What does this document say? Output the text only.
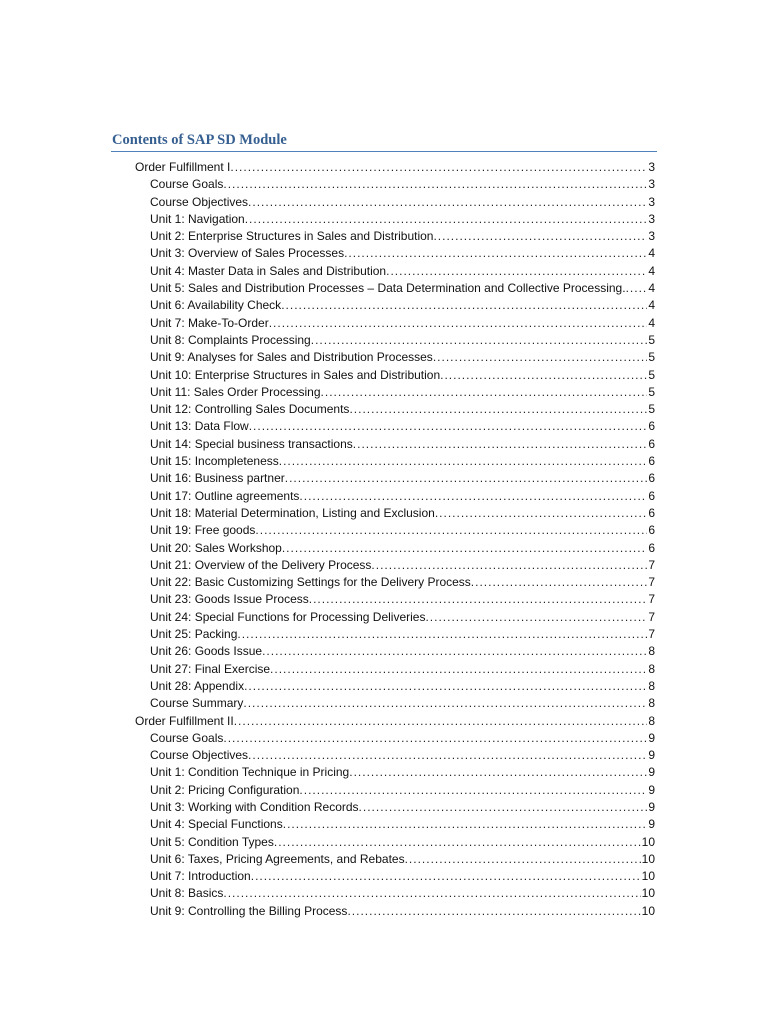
Contents of SAP SD Module
Order Fulfillment I .....	3
Course Goals .....	3
Course Objectives .....	3
Unit 1: Navigation .....	3
Unit 2: Enterprise Structures in Sales and Distribution .....	3
Unit 3: Overview of Sales Processes .....	4
Unit 4: Master Data in Sales and Distribution .....	4
Unit 5: Sales and Distribution Processes – Data Determination and Collective Processing. ..... 4
Unit 6: Availability Check .....	4
Unit 7: Make-To-Order .....	4
Unit 8: Complaints Processing .....	5
Unit 9: Analyses for Sales and Distribution Processes .....	5
Unit 10: Enterprise Structures in Sales and Distribution .....	5
Unit 11: Sales Order Processing .....	5
Unit 12: Controlling Sales Documents .....	5
Unit 13: Data Flow .....	6
Unit 14: Special business transactions .....	6
Unit 15: Incompleteness .....	6
Unit 16: Business partner .....	6
Unit 17: Outline agreements .....	6
Unit 18: Material Determination, Listing and Exclusion .....	6
Unit 19: Free goods .....	6
Unit 20: Sales Workshop .....	6
Unit 21: Overview of the Delivery Process .....	7
Unit 22: Basic Customizing Settings for the Delivery Process .....	7
Unit 23: Goods Issue Process .....	7
Unit 24: Special Functions for Processing Deliveries .....	7
Unit 25: Packing .....	7
Unit 26: Goods Issue .....	8
Unit 27: Final Exercise .....	8
Unit 28: Appendix .....	8
Course Summary .....	8
Order Fulfillment II .....	8
Course Goals .....	9
Course Objectives .....	9
Unit 1: Condition Technique in Pricing .....	9
Unit 2: Pricing Configuration .....	9
Unit 3: Working with Condition Records .....	9
Unit 4: Special Functions .....	9
Unit 5: Condition Types .....	10
Unit 6: Taxes, Pricing Agreements, and Rebates .....	10
Unit 7: Introduction .....	10
Unit 8: Basics .....	10
Unit 9: Controlling the Billing Process .....	10
